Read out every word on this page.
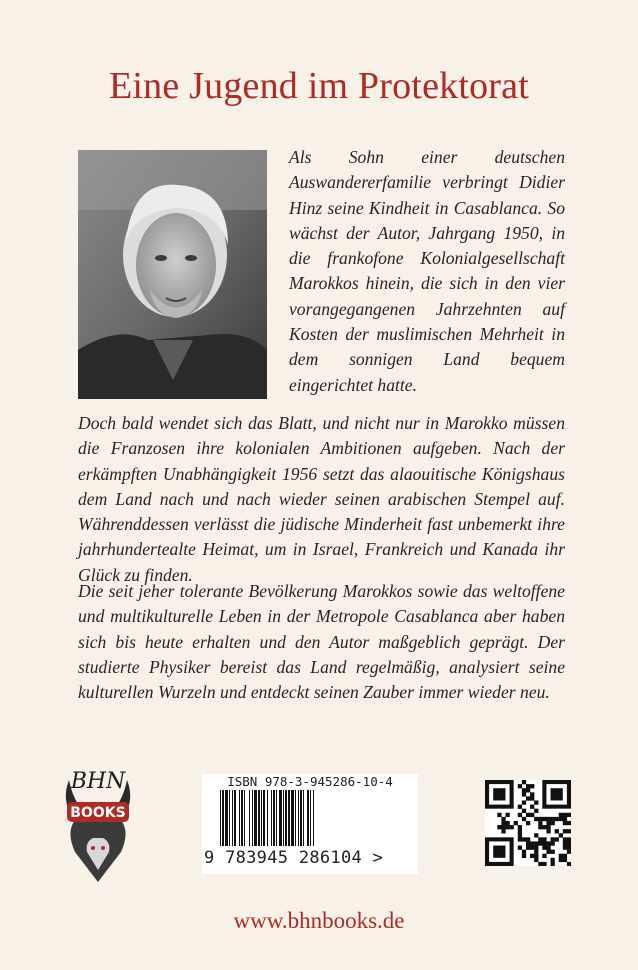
Eine Jugend im Protektorat
Als Sohn einer deutschen Auswandererfamilie verbringt Didier Hinz seine Kindheit in Casablanca. So wächst der Autor, Jahrgang 1950, in die frankofone Kolonialgesellschaft Marokkos hinein, die sich in den vier vorangegangenen Jahrzehnten auf Kosten der muslimischen Mehrheit in dem sonnigen Land bequem eingerichtet hatte.
Doch bald wendet sich das Blatt, und nicht nur in Marokko müssen die Franzosen ihre kolonialen Ambitionen aufgeben. Nach der erkämpften Unabhängigkeit 1956 setzt das alaouitische Königshaus dem Land nach und nach wieder seinen arabischen Stempel auf. Währenddessen verlässt die jüdische Minderheit fast unbemerkt ihre jahrhundertealte Heimat, um in Israel, Frankreich und Kanada ihr Glück zu finden.
Die seit jeher tolerante Bevölkerung Marokkos sowie das weltoffene und multikulturelle Leben in der Metropole Casablanca aber haben sich bis heute erhalten und den Autor maßgeblich geprägt. Der studierte Physiker bereist das Land regelmäßig, analysiert seine kulturellen Wurzeln und entdeckt seinen Zauber immer wieder neu.
BHN
BOOKS
ISBN 978-3-945286-10-4
9 783945 286104 >
www.bhnbooks.de
